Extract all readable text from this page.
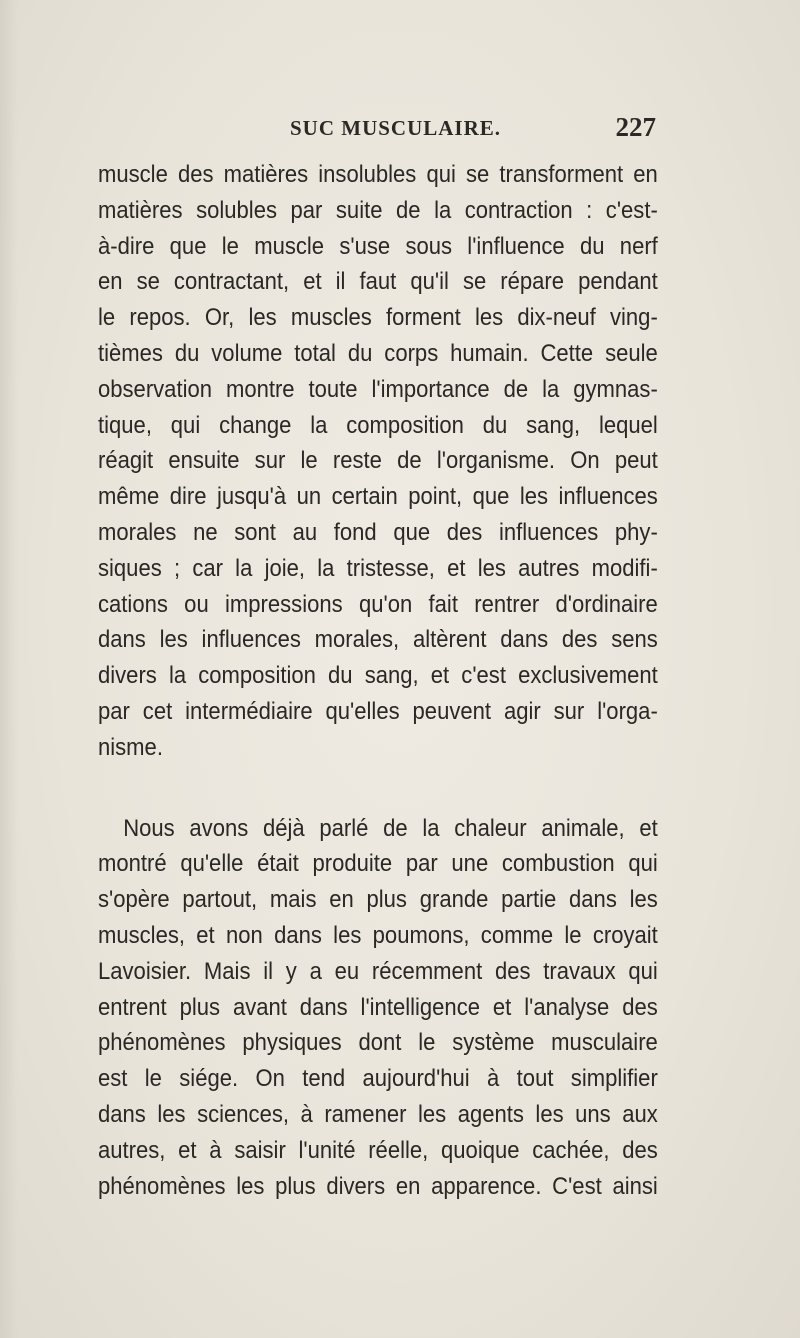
SUC MUSCULAIRE.	227
muscle des matières insolubles qui se transforment en
matières solubles par suite de la contraction : c'est-
à-dire que le muscle s'use sous l'influence du nerf
en se contractant, et il faut qu'il se répare pendant
le repos. Or, les muscles forment les dix-neuf ving-
tièmes du volume total du corps humain. Cette seule
observation montre toute l'importance de la gymnas-
tique, qui change la composition du sang, lequel
réagit ensuite sur le reste de l'organisme. On peut
même dire jusqu'à un certain point, que les influences
morales ne sont au fond que des influences phy-
siques ; car la joie, la tristesse, et les autres modifi-
cations ou impressions qu'on fait rentrer d'ordinaire
dans les influences morales, altèrent dans des sens
divers la composition du sang, et c'est exclusivement
par cet intermédiaire qu'elles peuvent agir sur l'orga-
nisme.
Nous avons déjà parlé de la chaleur animale, et
montré qu'elle était produite par une combustion qui
s'opère partout, mais en plus grande partie dans les
muscles, et non dans les poumons, comme le croyait
Lavoisier. Mais il y a eu récemment des travaux qui
entrent plus avant dans l'intelligence et l'analyse des
phénomènes physiques dont le système musculaire
est le siége. On tend aujourd'hui à tout simplifier
dans les sciences, à ramener les agents les uns aux
autres, et à saisir l'unité réelle, quoique cachée, des
phénomènes les plus divers en apparence. C'est ainsi
